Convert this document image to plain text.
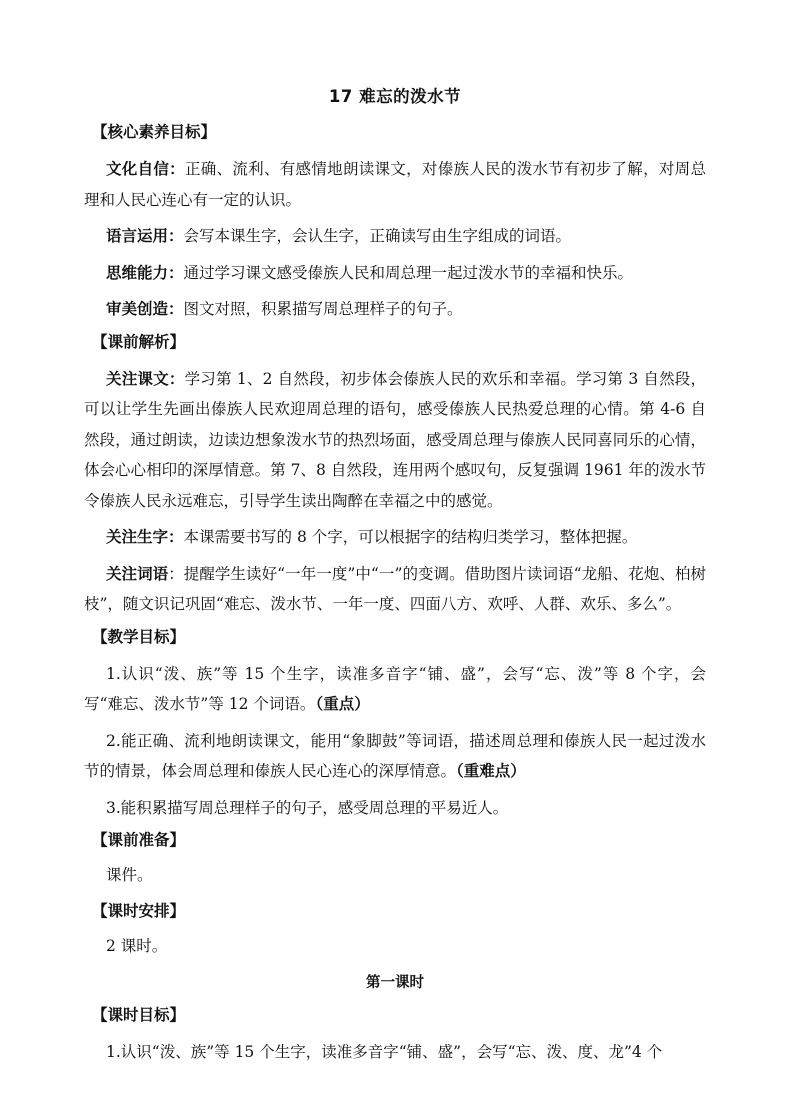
17 难忘的泼水节
【核心素养目标】

文化自信：正确、流利、有感情地朗读课文，对傣族人民的泼水节有初步了解，对周总理和人民心连心有一定的认识。

语言运用：会写本课生字，会认生字，正确读写由生字组成的词语。

思维能力：通过学习课文感受傣族人民和周总理一起过泼水节的幸福和快乐。

审美创造：图文对照，积累描写周总理样子的句子。

【课前解析】

关注课文：学习第 1、2 自然段，初步体会傣族人民的欢乐和幸福。学习第 3 自然段，可以让学生先画出傣族人民欢迎周总理的语句，感受傣族人民热爱总理的心情。第 4-6 自然段，通过朗读，边读边想象泼水节的热烈场面，感受周总理与傣族人民同喜同乐的心情，体会心心相印的深厚情意。第 7、8 自然段，连用两个感叹句，反复强调 1961 年的泼水节令傣族人民永远难忘，引导学生读出陶醉在幸福之中的感觉。

关注生字：本课需要书写的 8 个字，可以根据字的结构归类学习，整体把握。

关注词语：提醒学生读好“一年一度”中“一”的变调。借助图片读词语“龙船、花炮、柏树枝”，随文识记巩固“难忘、泼水节、一年一度、四面八方、欢呼、人群、欢乐、多么”。

【教学目标】

1.认识“泼、族”等 15 个生字，读准多音字“铺、盛”，会写“忘、泼”等 8 个字，会写“难忘、泼水节”等 12 个词语。（重点）

2.能正确、流利地朗读课文，能用“象脚鼓”等词语，描述周总理和傣族人民一起过泼水节的情景，体会周总理和傣族人民心连心的深厚情意。（重难点）

3.能积累描写周总理样子的句子，感受周总理的平易近人。

【课前准备】

课件。

【课时安排】

2 课时。

第一课时
【课时目标】

1.认识“泼、族”等 15 个生字，读准多音字“铺、盛”，会写“忘、泼、度、龙”4 个
